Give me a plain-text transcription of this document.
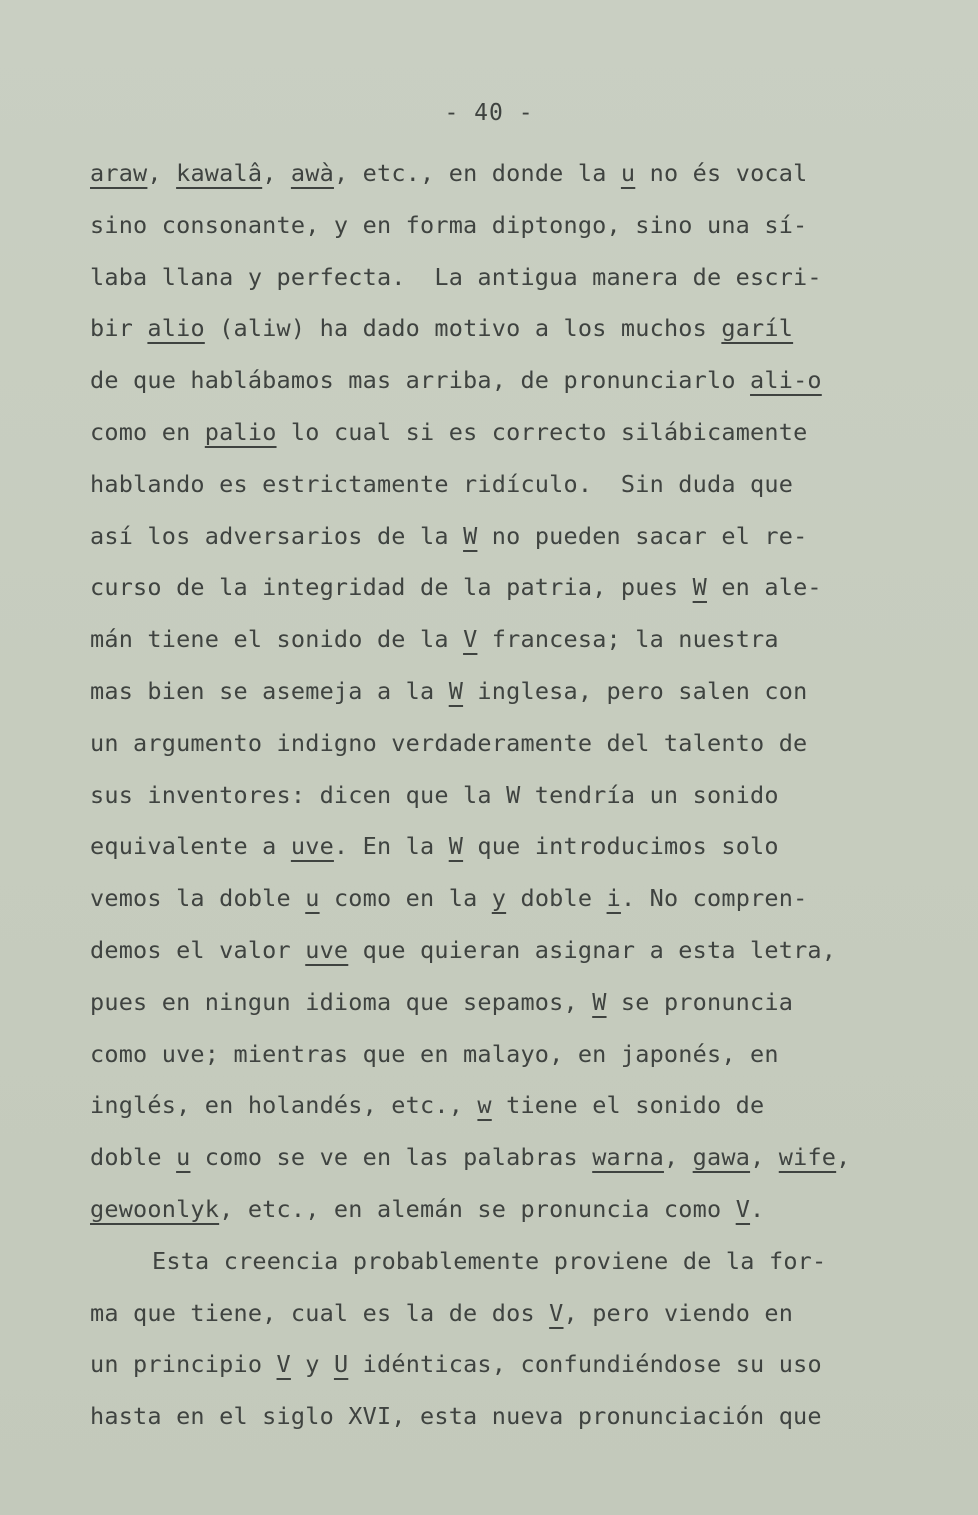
- 40 -
araw, kawalâ, awà, etc., en donde la u no és vocal
sino consonante, y en forma diptongo, sino una sí-
laba llana y perfecta.  La antigua manera de escri-
bir alio (aliw) ha dado motivo a los muchos garíl
de que hablábamos mas arriba, de pronunciarlo ali-o
como en palio lo cual si es correcto silábicamente
hablando es estrictamente ridículo.  Sin duda que
así los adversarios de la W no pueden sacar el re-
curso de la integridad de la patria, pues W en ale-
mán tiene el sonido de la V francesa; la nuestra
mas bien se asemeja a la W inglesa, pero salen con
un argumento indigno verdaderamente del talento de
sus inventores: dicen que la W tendría un sonido
equivalente a uve. En la W que introducimos solo
vemos la doble u como en la y doble i. No compren-
demos el valor uve que quieran asignar a esta letra,
pues en ningun idioma que sepamos, W se pronuncia
como uve; mientras que en malayo, en japonés, en
inglés, en holandés, etc., w tiene el sonido de
doble u como se ve en las palabras warna, gawa, wife,
gewoonlyk, etc., en alemán se pronuncia como V.
Esta creencia probablemente proviene de la for-
ma que tiene, cual es la de dos V, pero viendo en
un principio V y U idénticas, confundiéndose su uso
hasta en el siglo XVI, esta nueva pronunciación que
